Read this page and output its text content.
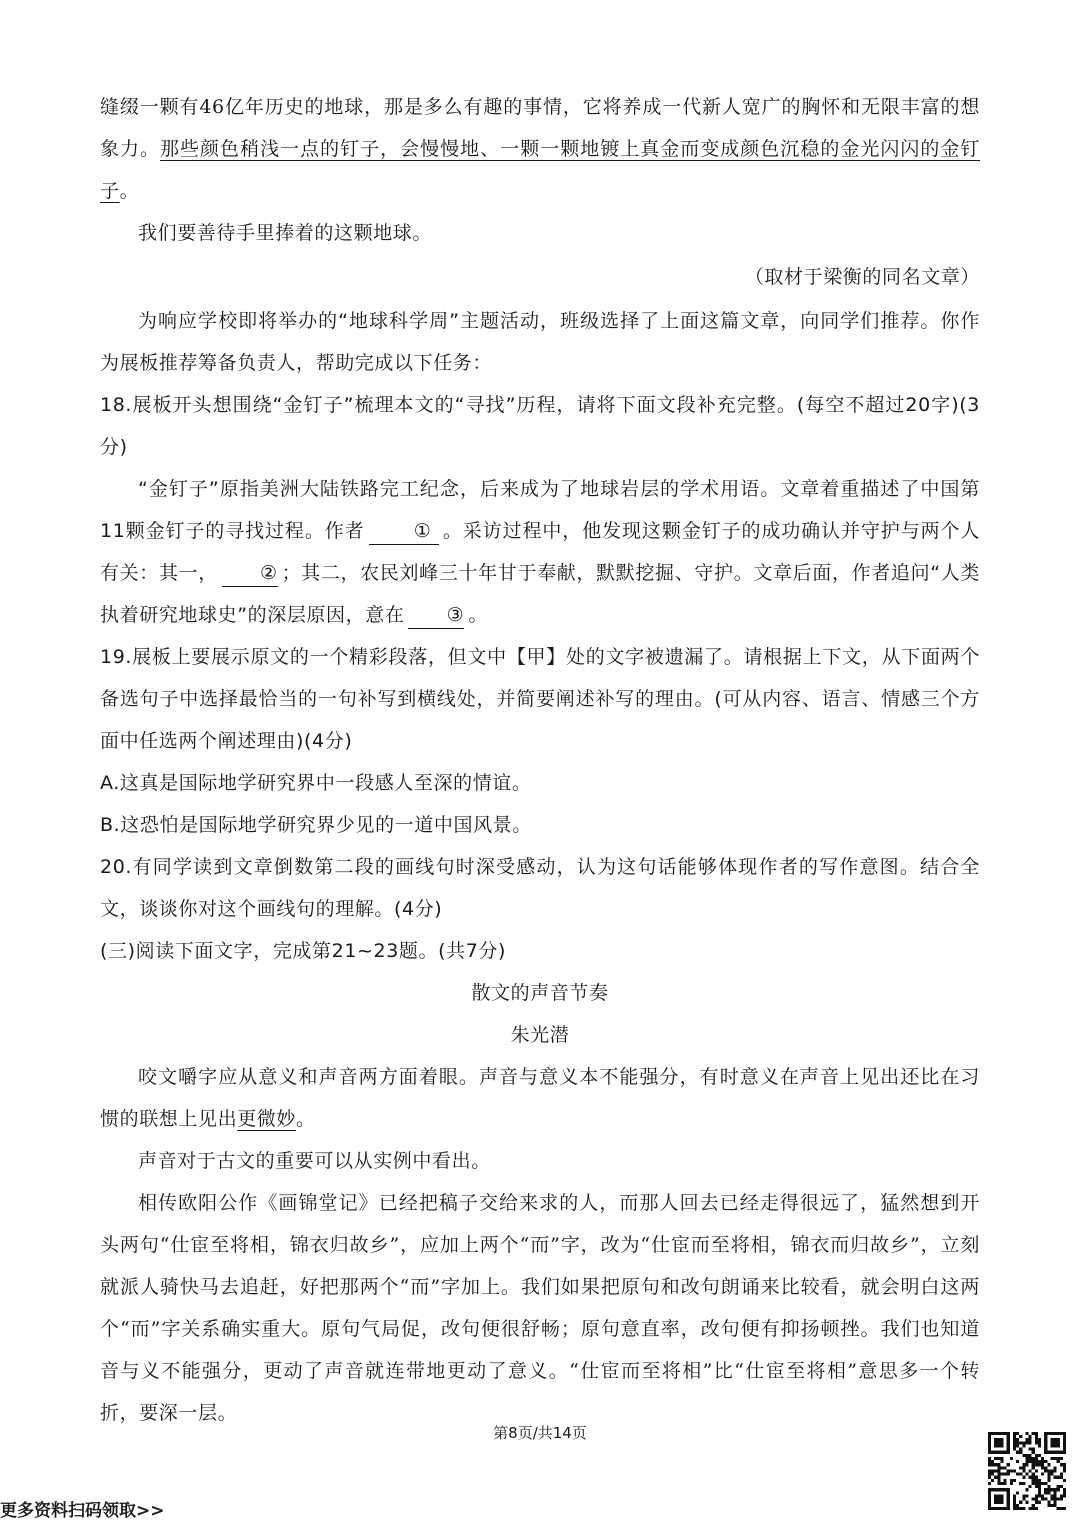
缝缀一颗有46亿年历史的地球，那是多么有趣的事情，它将养成一代新人宽广的胸怀和无限丰富的想象力。那些颜色稍浅一点的钉子，会慢慢地、一颗一颗地镀上真金而变成颜色沉稳的金光闪闪的金钉子。

我们要善待手里捧着的这颗地球。

（取材于梁衡的同名文章）

为响应学校即将举办的“地球科学周”主题活动，班级选择了上面这篇文章，向同学们推荐。你作为展板推荐筹备负责人，帮助完成以下任务：

18.展板开头想围绕“金钉子”梳理本文的“寻找”历程，请将下面文段补充完整。(每空不超过20字)(3分)

“金钉子”原指美洲大陆铁路完工纪念，后来成为了地球岩层的学术用语。文章着重描述了中国第11颗金钉子的寻找过程。作者	① 。采访过程中，他发现这颗金钉子的成功确认并守护与两个人有关：其一， ② ；其二，农民刘峰三十年甘于奉献，默默挖掘、守护。文章后面，作者追问“人类执着研究地球史”的深层原因，意在 ③ 。

19.展板上要展示原文的一个精彩段落，但文中【甲】处的文字被遗漏了。请根据上下文，从下面两个备选句子中选择最恰当的一句补写到横线处，并简要阐述补写的理由。(可从内容、语言、情感三个方面中任选两个阐述理由)(4分)

A.这真是国际地学研究界中一段感人至深的情谊。

B.这恐怕是国际地学研究界少见的一道中国风景。

20.有同学读到文章倒数第二段的画线句时深受感动，认为这句话能够体现作者的写作意图。结合全文，谈谈你对这个画线句的理解。(4分)

(三)阅读下面文字，完成第21~23题。(共7分)

散文的声音节奏

朱光潜

咬文嚼字应从意义和声音两方面着眼。声音与意义本不能强分，有时意义在声音上见出还比在习惯的联想上见出更微妙。

声音对于古文的重要可以从实例中看出。

相传欧阳公作《画锦堂记》已经把稿子交给来求的人，而那人回去已经走得很远了，猛然想到开头两句“仕宦至将相，锦衣归故乡”，应加上两个“而”字，改为“仕宦而至将相，锦衣而归故乡”，立刻就派人骑快马去追赶，好把那两个“而”字加上。我们如果把原句和改句朗诵来比较看，就会明白这两个“而”字关系确实重大。原句气局促，改句便很舒畅；原句意直率，改句便有抑扬顿挫。我们也知道音与义不能强分，更动了声音就连带地更动了意义。“仕宦而至将相”比“仕宦至将相”意思多一个转折，要深一层。

第8页/共14页
更多资料扫码领取>>
